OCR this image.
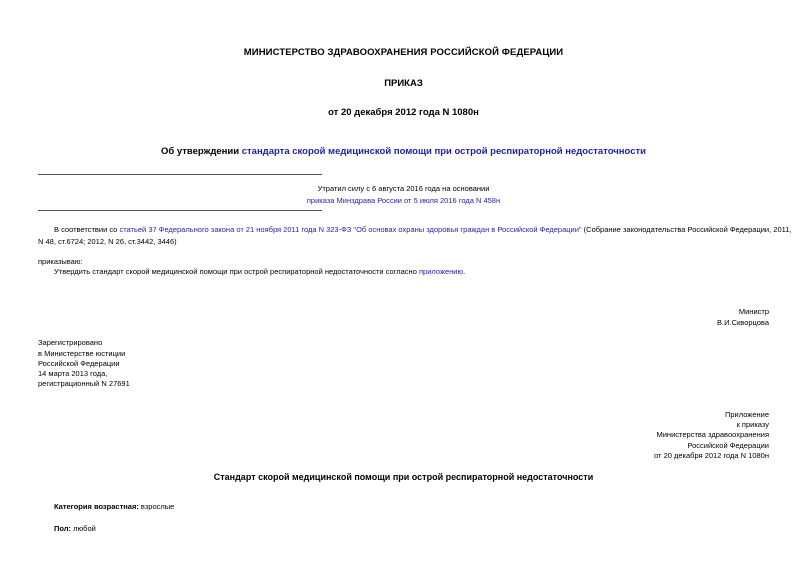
МИНИСТЕРСТВО ЗДРАВООХРАНЕНИЯ РОССИЙСКОЙ ФЕДЕРАЦИИ
ПРИКАЗ
от 20 декабря 2012 года N 1080н
Об утверждении стандарта скорой медицинской помощи при острой респираторной недостаточности
Утратил силу с 6 августа 2016 года на основании
приказа Минздрава России от 5 июля 2016 года N 458н
В соответствии со статьей 37 Федерального закона от 21 ноября 2011 года N 323-ФЗ "Об основах охраны здоровья граждан в Российской Федерации" (Собрание законодательства Российской Федерации, 2011,
N 48, ст.6724; 2012, N 26, ст.3442, 3446)
приказываю:
Утвердить стандарт скорой медицинской помощи при острой респираторной недостаточности согласно приложению.
Министр
В.И.Скворцова
Зарегистрировано
в Министерстве юстиции
Российской Федерации
14 марта 2013 года,
регистрационный N 27691
Приложение
к приказу
Министерства здравоохранения
Российской Федерации
от 20 декабря 2012 года N 1080н
Стандарт скорой медицинской помощи при острой респираторной недостаточности
Категория возрастная: взрослые
Пол: любой
